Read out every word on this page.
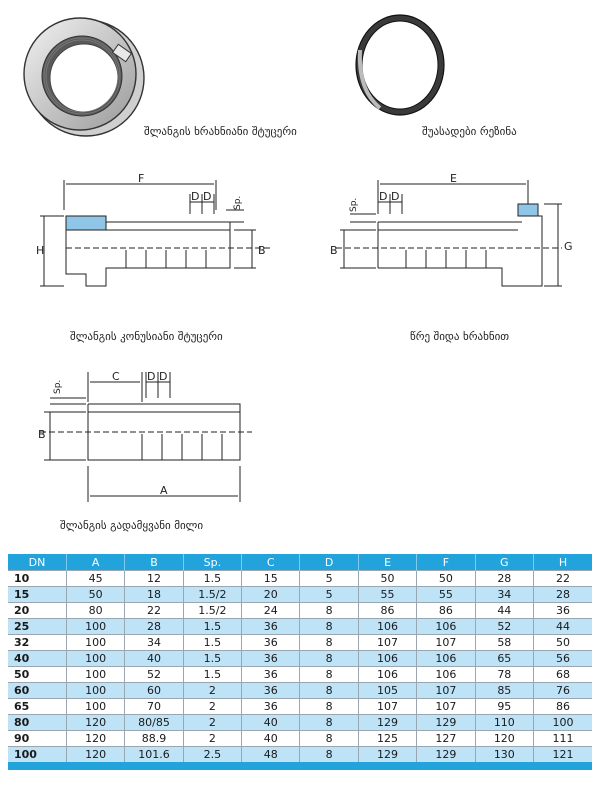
შლანგის ხრახნიანი შტუცერი	შუასადები რეზინა
F
D D Sp.
H	B
შლანგის კონუსიანი შტუცერი
E
D D
Sp.
B	G
წრე შიდა ხრახნით
C D D
Sp.
B
A
შლანგის გადამყვანი მილი
DN	A	B	Sp.	C	D	E	F	G	H
10	45	12	1.5	15	5	50	50	28	22
15	50	18	1.5/2	20	5	55	55	34	28
20	80	22	1.5/2	24	8	86	86	44	36
25	100	28	1.5	36	8	106	106	52	44
32	100	34	1.5	36	8	107	107	58	50
40	100	40	1.5	36	8	106	106	65	56
50	100	52	1.5	36	8	106	106	78	68
60	100	60	2	36	8	105	107	85	76
65	100	70	2	36	8	107	107	95	86
80	120	80/85	2	40	8	129	129	110	100
90	120	88.9	2	40	8	125	127	120	111
100	120	101.6	2.5	48	8	129	129	130	121
